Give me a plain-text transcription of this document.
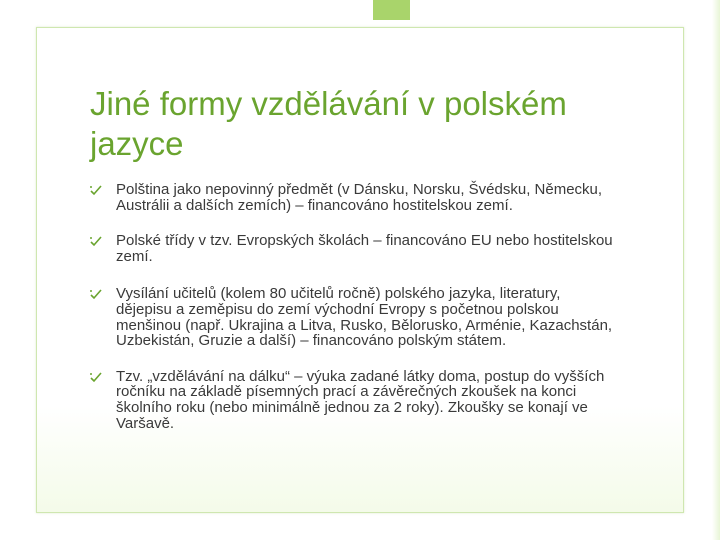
Jiné formy vzdělávání v polském jazyce
Polština jako nepovinný předmět (v Dánsku, Norsku, Švédsku, Německu, Austrálii a dalších zemích) – financováno hostitelskou zemí.
Polské třídy v tzv. Evropských školách – financováno EU nebo hostitelskou zemí.
Vysílání učitelů (kolem 80 učitelů ročně) polského jazyka, literatury, dějepisu a zeměpisu do zemí východní Evropy s početnou polskou menšinou (např. Ukrajina a Litva, Rusko, Bělorusko, Arménie, Kazachstán, Uzbekistán, Gruzie a další) – financováno polským státem.
Tzv. „vzdělávání na dálku“ – výuka zadané látky doma, postup do vyšších ročníku na základě písemných prací a závěrečných zkoušek na konci školního roku (nebo minimálně jednou za 2 roky). Zkoušky se konají ve Varšavě.
